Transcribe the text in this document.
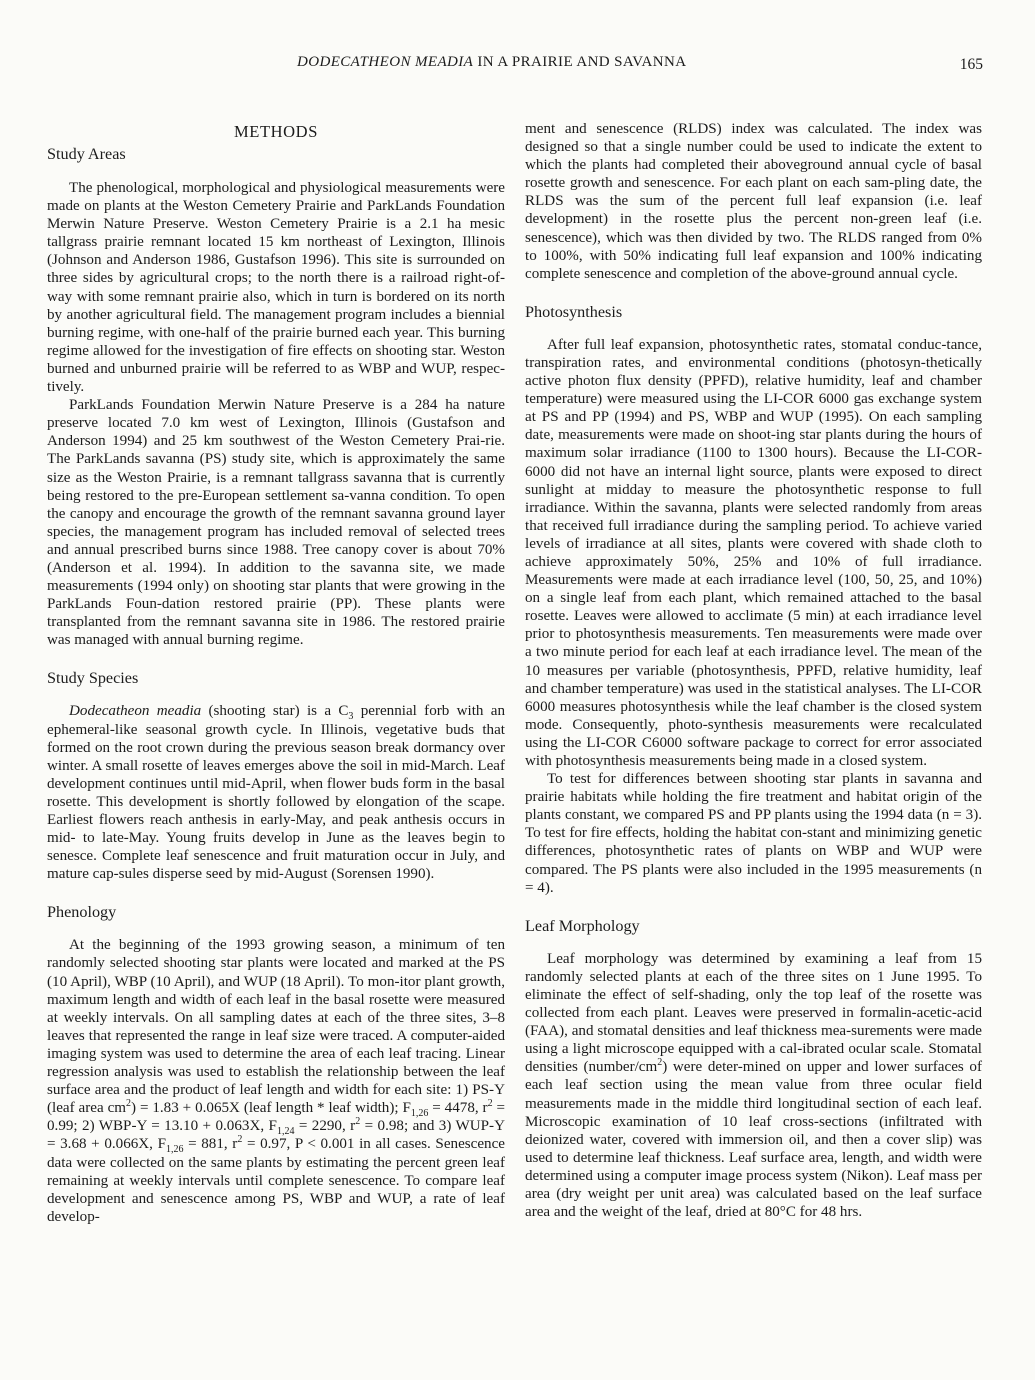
DODECATHEON MEADIA IN A PRAIRIE AND SAVANNA	165
METHODS
Study Areas

The phenological, morphological and physiological measurements were made on plants at the Weston Cemetery Prairie and ParkLands Foundation Merwin Nature Preserve. Weston Cemetery Prairie is a 2.1 ha mesic tallgrass prairie remnant located 15 km northeast of Lexington, Illinois (Johnson and Anderson 1986, Gustafson 1996). This site is surrounded on three sides by agricultural crops; to the north there is a railroad right-of-way with some remnant prairie also, which in turn is bordered on its north by another agricultural field. The management program includes a biennial burning regime, with one-half of the prairie burned each year. This burning regime allowed for the investigation of fire effects on shooting star. Weston burned and unburned prairie will be referred to as WBP and WUP, respec-tively.

ParkLands Foundation Merwin Nature Preserve is a 284 ha nature preserve located 7.0 km west of Lexington, Illinois (Gustafson and Anderson 1994) and 25 km southwest of the Weston Cemetery Prai-rie. The ParkLands savanna (PS) study site, which is approximately the same size as the Weston Prairie, is a remnant tallgrass savanna that is currently being restored to the pre-European settlement sa-vanna condition. To open the canopy and encourage the growth of the remnant savanna ground layer species, the management program has included removal of selected trees and annual prescribed burns since 1988. Tree canopy cover is about 70% (Anderson et al. 1994). In addition to the savanna site, we made measurements (1994 only) on shooting star plants that were growing in the ParkLands Foun-dation restored prairie (PP). These plants were transplanted from the remnant savanna site in 1986. The restored prairie was managed with annual burning regime.

Study Species

Dodecatheon meadia (shooting star) is a $C_3$ perennial forb with an ephemeral-like seasonal growth cycle. In Illinois, vegetative buds that formed on the root crown during the previous season break dormancy over winter. A small rosette of leaves emerges above the soil in mid-March. Leaf development continues until mid-April, when flower buds form in the basal rosette. This development is shortly followed by elongation of the scape. Earliest flowers reach anthesis in early-May, and peak anthesis occurs in mid- to late-May. Young fruits develop in June as the leaves begin to senesce. Complete leaf senescence and fruit maturation occur in July, and mature cap-sules disperse seed by mid-August (Sorensen 1990).

Phenology

At the beginning of the 1993 growing season, a minimum of ten randomly selected shooting star plants were located and marked at the PS (10 April), WBP (10 April), and WUP (18 April). To mon-itor plant growth, maximum length and width of each leaf in the basal rosette were measured at weekly intervals. On all sampling dates at each of the three sites, 3–8 leaves that represented the range in leaf size were traced. A computer-aided imaging system was used to determine the area of each leaf tracing. Linear regression analysis was used to establish the relationship between the leaf surface area and the product of leaf length and width for each site: 1) PS-Y (leaf area $cm^2) = 1.83 + 0.065X$ (leaf length * leaf width); $F_{1,26} = 4478$, $r^2 = 0.99$; 2) WBP-Y = 13.10 + 0.063X, $F_{1,24} = 2290$, $r^2 = 0.98$; and 3) WUP-Y = 3.68 + 0.066X, $F_{1,26} = 881$, $r^2 = 0.97$, P < 0.001 in all cases. Senescence data were collected on the same plants by estimating the percent green leaf remaining at weekly intervals until complete senescence. To compare leaf development and senescence among PS, WBP and WUP, a rate of leaf develop-

ment and senescence (RLDS) index was calculated. The index was designed so that a single number could be used to indicate the extent to which the plants had completed their aboveground annual cycle of basal rosette growth and senescence. For each plant on each sam-pling date, the RLDS was the sum of the percent full leaf expansion (i.e. leaf development) in the rosette plus the percent non-green leaf (i.e. senescence), which was then divided by two. The RLDS ranged from 0% to 100%, with 50% indicating full leaf expansion and 100% indicating complete senescence and completion of the above-ground annual cycle.

Photosynthesis

After full leaf expansion, photosynthetic rates, stomatal conduc-tance, transpiration rates, and environmental conditions (photosyn-thetically active photon flux density (PPFD), relative humidity, leaf and chamber temperature) were measured using the LI-COR 6000 gas exchange system at PS and PP (1994) and PS, WBP and WUP (1995). On each sampling date, measurements were made on shoot-ing star plants during the hours of maximum solar irradiance (1100 to 1300 hours). Because the LI-COR-6000 did not have an internal light source, plants were exposed to direct sunlight at midday to measure the photosynthetic response to full irradiance. Within the savanna, plants were selected randomly from areas that received full irradiance during the sampling period. To achieve varied levels of irradiance at all sites, plants were covered with shade cloth to achieve approximately 50%, 25% and 10% of full irradiance. Measurements were made at each irradiance level (100, 50, 25, and 10%) on a single leaf from each plant, which remained attached to the basal rosette. Leaves were allowed to acclimate (5 min) at each irradiance level prior to photosynthesis measurements. Ten measurements were made over a two minute period for each leaf at each irradiance level. The mean of the 10 measures per variable (photosynthesis, PPFD, relative humidity, leaf and chamber temperature) was used in the statistical analyses. The LI-COR 6000 measures photosynthesis while the leaf chamber is the closed system mode. Consequently, photo-synthesis measurements were recalculated using the LI-COR C6000 software package to correct for error associated with photosynthesis measurements being made in a closed system.

To test for differences between shooting star plants in savanna and prairie habitats while holding the fire treatment and habitat origin of the plants constant, we compared PS and PP plants using the 1994 data (n = 3). To test for fire effects, holding the habitat con-stant and minimizing genetic differences, photosynthetic rates of plants on WBP and WUP were compared. The PS plants were also included in the 1995 measurements (n = 4).

Leaf Morphology

Leaf morphology was determined by examining a leaf from 15 randomly selected plants at each of the three sites on 1 June 1995. To eliminate the effect of self-shading, only the top leaf of the rosette was collected from each plant. Leaves were preserved in formalin-acetic-acid (FAA), and stomatal densities and leaf thickness mea-surements were made using a light microscope equipped with a cal-ibrated ocular scale. Stomatal densities $(number/cm^2)$ were deter-mined on upper and lower surfaces of each leaf section using the mean value from three ocular field measurements made in the middle third longitudinal section of each leaf. Microscopic examination of 10 leaf cross-sections (infiltrated with deionized water, covered with immersion oil, and then a cover slip) was used to determine leaf thickness. Leaf surface area, length, and width were determined using a computer image process system (Nikon). Leaf mass per area (dry weight per unit area) was calculated based on the leaf surface area and the weight of the leaf, dried at 80°C for 48 hrs.
